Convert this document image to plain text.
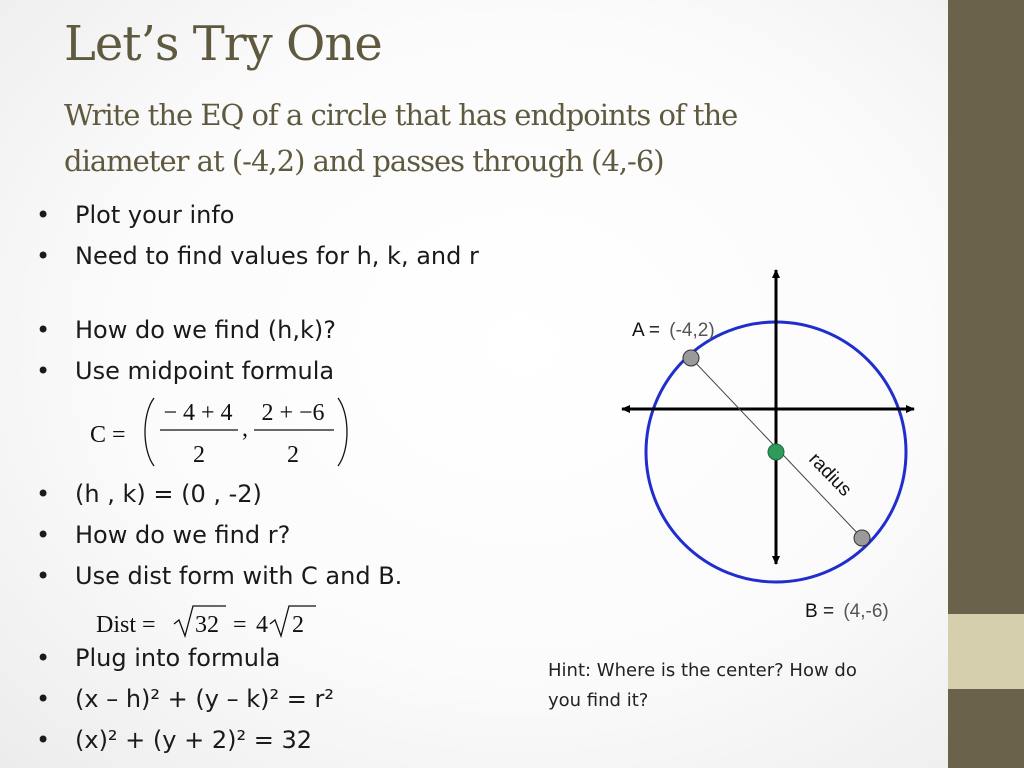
Let’s Try One

Write the EQ of a circle that has endpoints of the diameter at (-4,2) and passes through (4,-6)

•	Plot your info
•	Need to find values for h, k, and r
•	How do we find (h,k)?
•	Use midpoint formula
•	(h , k) = (0 , -2)
•	How do we find r?
•	Use dist form with C and B.
•	Plug into formula
•	(x – h)² + (y – k)² = r²
•	(x)² + (y + 2)² = 32
C =
− 4 + 4
2
,
2 + −6
2
Dist = 32 = 4 2
A = (-4,2)
radius
B = (4,-6)
Hint: Where is the center? How do you find it?
